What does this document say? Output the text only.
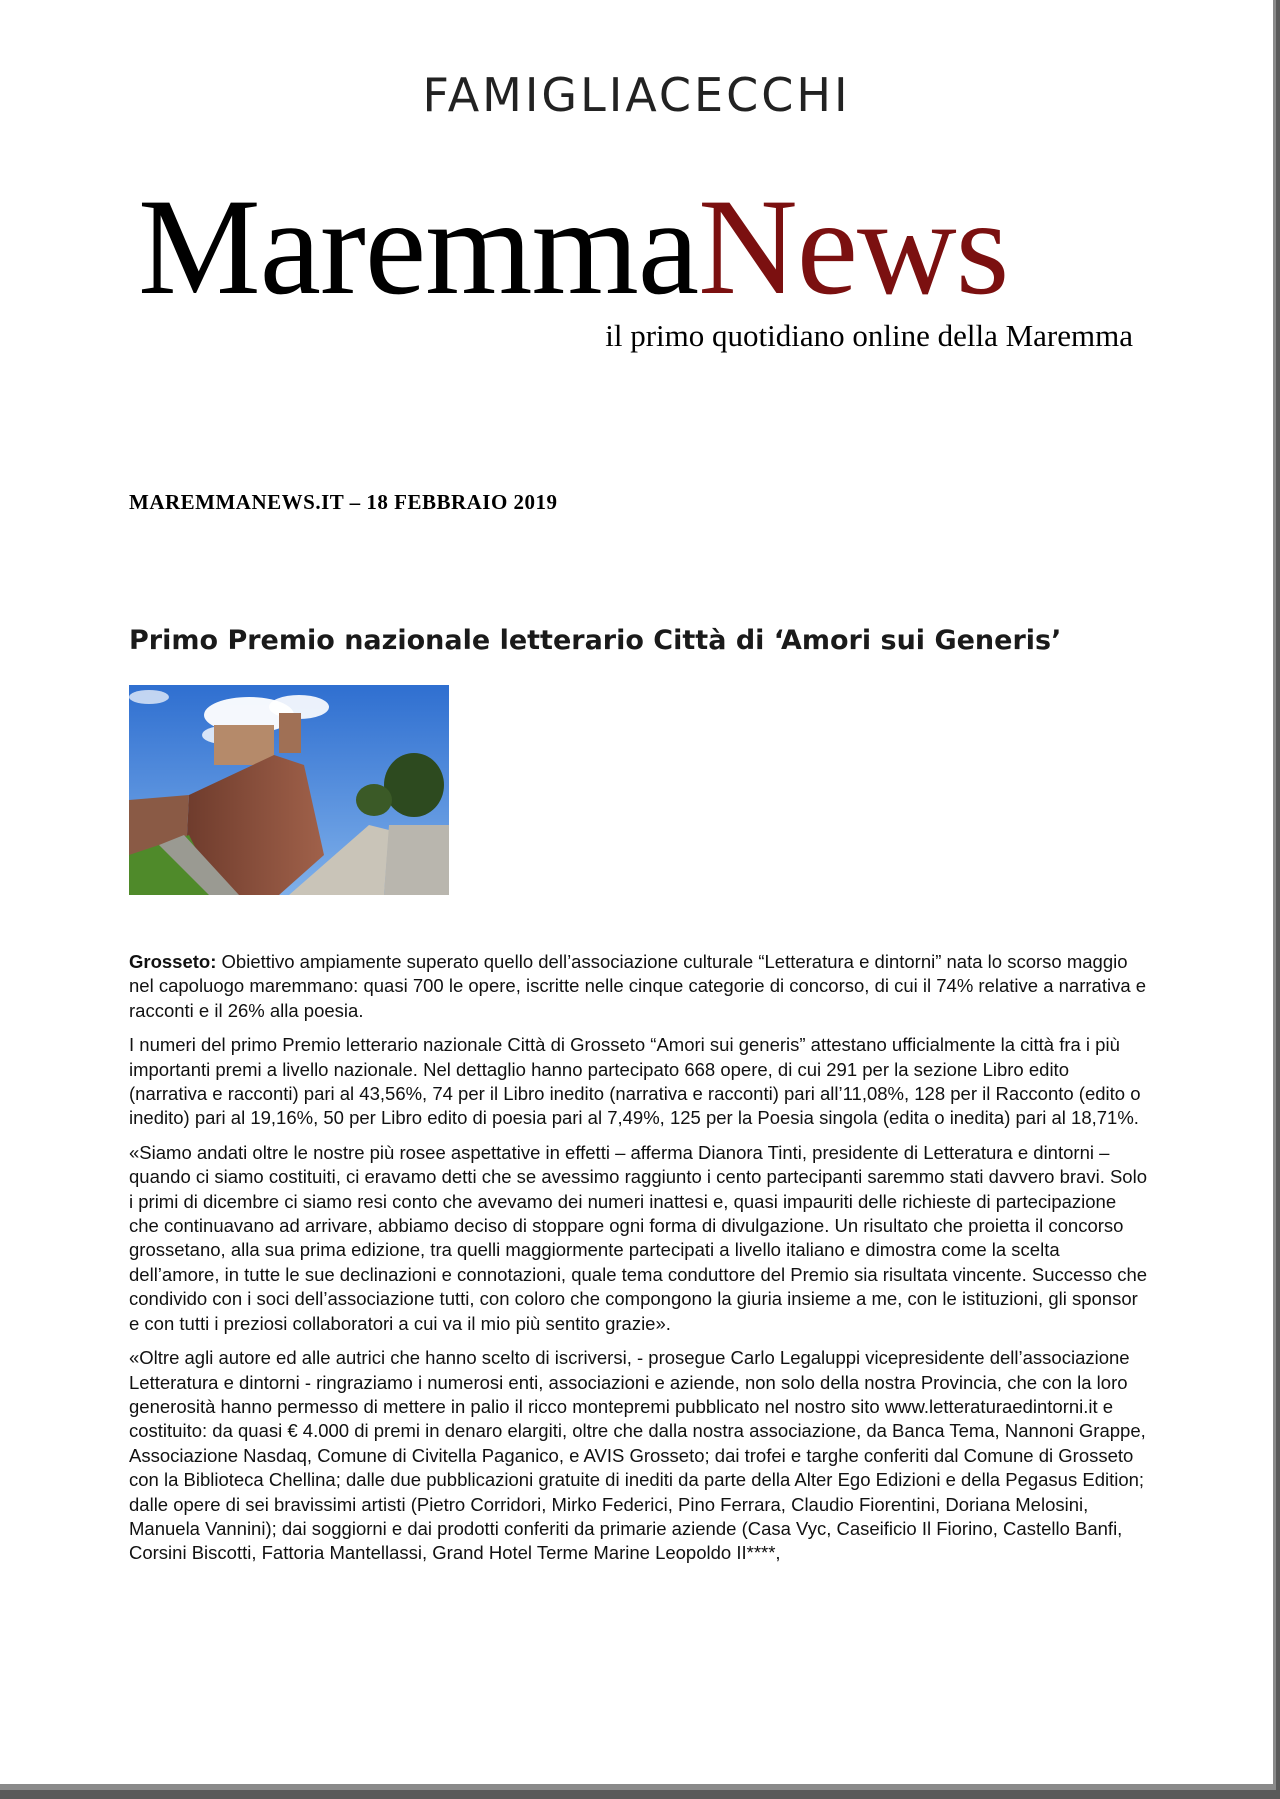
FAMIGLIACECCHI
MaremmaNews
il primo quotidiano online della Maremma
MAREMMANEWS.IT – 18 FEBBRAIO 2019
Primo Premio nazionale letterario Città di ‘Amori sui Generis’

Grosseto: Obiettivo ampiamente superato quello dell’associazione culturale “Letteratura e dintorni” nata lo scorso maggio nel capoluogo maremmano: quasi 700 le opere, iscritte nelle cinque categorie di concorso, di cui il 74% relative a narrativa e racconti e il 26% alla poesia.

I numeri del primo Premio letterario nazionale Città di Grosseto “Amori sui generis” attestano ufficialmente la città fra i più importanti premi a livello nazionale. Nel dettaglio hanno partecipato 668 opere, di cui 291 per la sezione Libro edito (narrativa e racconti) pari al 43,56%, 74 per il Libro inedito (narrativa e racconti) pari all’11,08%, 128 per il Racconto (edito o inedito) pari al 19,16%, 50 per Libro edito di poesia pari al 7,49%, 125 per la Poesia singola (edita o inedita) pari al 18,71%.

«Siamo andati oltre le nostre più rosee aspettative in effetti – afferma Dianora Tinti, presidente di Letteratura e dintorni – quando ci siamo costituiti, ci eravamo detti che se avessimo raggiunto i cento partecipanti saremmo stati davvero bravi. Solo i primi di dicembre ci siamo resi conto che avevamo dei numeri inattesi e, quasi impauriti delle richieste di partecipazione che continuavano ad arrivare, abbiamo deciso di stoppare ogni forma di divulgazione. Un risultato che proietta il concorso grossetano, alla sua prima edizione, tra quelli maggiormente partecipati a livello italiano e dimostra come la scelta dell’amore, in tutte le sue declinazioni e connotazioni, quale tema conduttore del Premio sia risultata vincente. Successo che condivido con i soci dell’associazione tutti, con coloro che compongono la giuria insieme a me, con le istituzioni, gli sponsor e con tutti i preziosi collaboratori a cui va il mio più sentito grazie».

«Oltre agli autore ed alle autrici che hanno scelto di iscriversi, - prosegue Carlo Legaluppi vicepresidente dell’associazione Letteratura e dintorni - ringraziamo i numerosi enti, associazioni e aziende, non solo della nostra Provincia, che con la loro generosità hanno permesso di mettere in palio il ricco montepremi pubblicato nel nostro sito www.letteraturaedintorni.it e costituito: da quasi € 4.000 di premi in denaro elargiti, oltre che dalla nostra associazione, da Banca Tema, Nannoni Grappe, Associazione Nasdaq, Comune di Civitella Paganico, e AVIS Grosseto; dai trofei e targhe conferiti dal Comune di Grosseto con la Biblioteca Chellina; dalle due pubblicazioni gratuite di inediti da parte della Alter Ego Edizioni e della Pegasus Edition; dalle opere di sei bravissimi artisti (Pietro Corridori, Mirko Federici, Pino Ferrara, Claudio Fiorentini, Doriana Melosini, Manuela Vannini); dai soggiorni e dai prodotti conferiti da primarie aziende (Casa Vyc, Caseificio Il Fiorino, Castello Banfi, Corsini Biscotti, Fattoria Mantellassi, Grand Hotel Terme Marine Leopoldo II****,
